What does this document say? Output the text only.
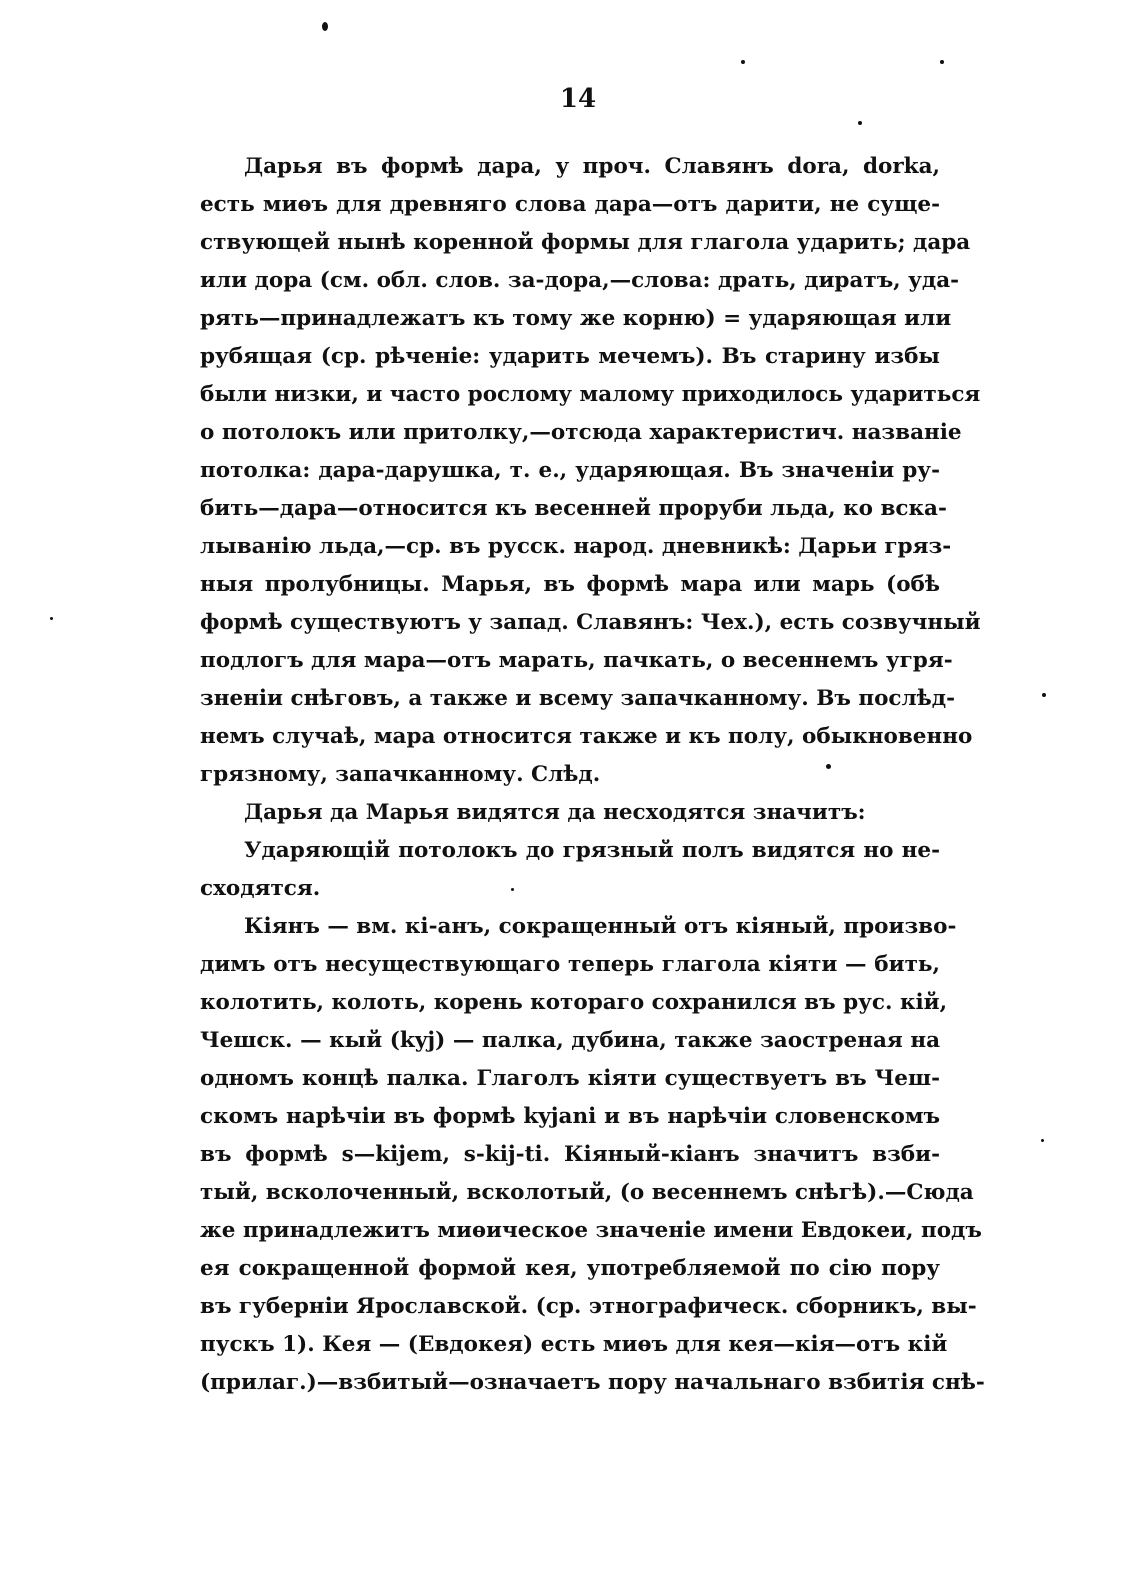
14
Дарья въ формѣ дара, у проч. Славянъ dora, dorka,
есть миѳъ для древняго слова дара—отъ дарити, не суще-
ствующей нынѣ коренной формы для глагола ударить; дара
или дора (см. обл. слов. за-дора,—слова: драть, диратъ, уда-
рять—принадлежатъ къ тому же корню) = ударяющая или
рубящая (ср. рѣченіе: ударить мечемъ). Въ старину избы
были низки, и часто рослому малому приходилось удариться
о потолокъ или притолку,—отсюда характеристич. названіе
потолка: дара-дарушка, т. е., ударяющая. Въ значеніи ру-
бить—дара—относится къ весенней проруби льда, ко вска-
лыванію льда,—ср. въ русск. народ. дневникѣ: Дарьи гряз-
ныя пролубницы. Марья, въ формѣ мара или марь (обѣ
формѣ существуютъ у запад. Славянъ: Чех.), есть созвучный
подлогъ для мара—отъ марать, пачкать, о весеннемъ угря-
зненіи снѣговъ, а также и всему запачканному. Въ послѣд-
немъ случаѣ, мара относится также и къ полу, обыкновенно
грязному, запачканному. Слѣд.
Дарья да Марья видятся да несходятся значитъ:
Ударяющій потолокъ до грязный полъ видятся но не-
сходятся.
Кіянъ — вм. кі-анъ, сокращенный отъ кіяный, произво-
димъ отъ несуществующаго теперь глагола кіяти — бить,
колотить, колоть, корень котораго сохранился въ рус. кій,
Чешск. — кый (kyj) — палка, дубина, также заостреная на
одномъ концѣ палка. Глаголъ кіяти существуетъ въ Чеш-
скомъ нарѣчіи въ формѣ kyjani и въ нарѣчіи словенскомъ
въ формѣ s—kijem, s-kij-ti. Кіяный-кіанъ значитъ взби-
тый, всколоченный, всколотый, (о весеннемъ снѣгѣ).—Сюда
же принадлежитъ миѳическое значеніе имени Евдокеи, подъ
ея сокращенной формой кея, употребляемой по сію пору
въ губерніи Ярославской. (ср. этнографическ. сборникъ, вы-
пускъ 1). Кея — (Евдокея) есть миѳъ для кея—кія—отъ кій
(прилаг.)—взбитый—означаетъ пору начальнаго взбитія снѣ-
